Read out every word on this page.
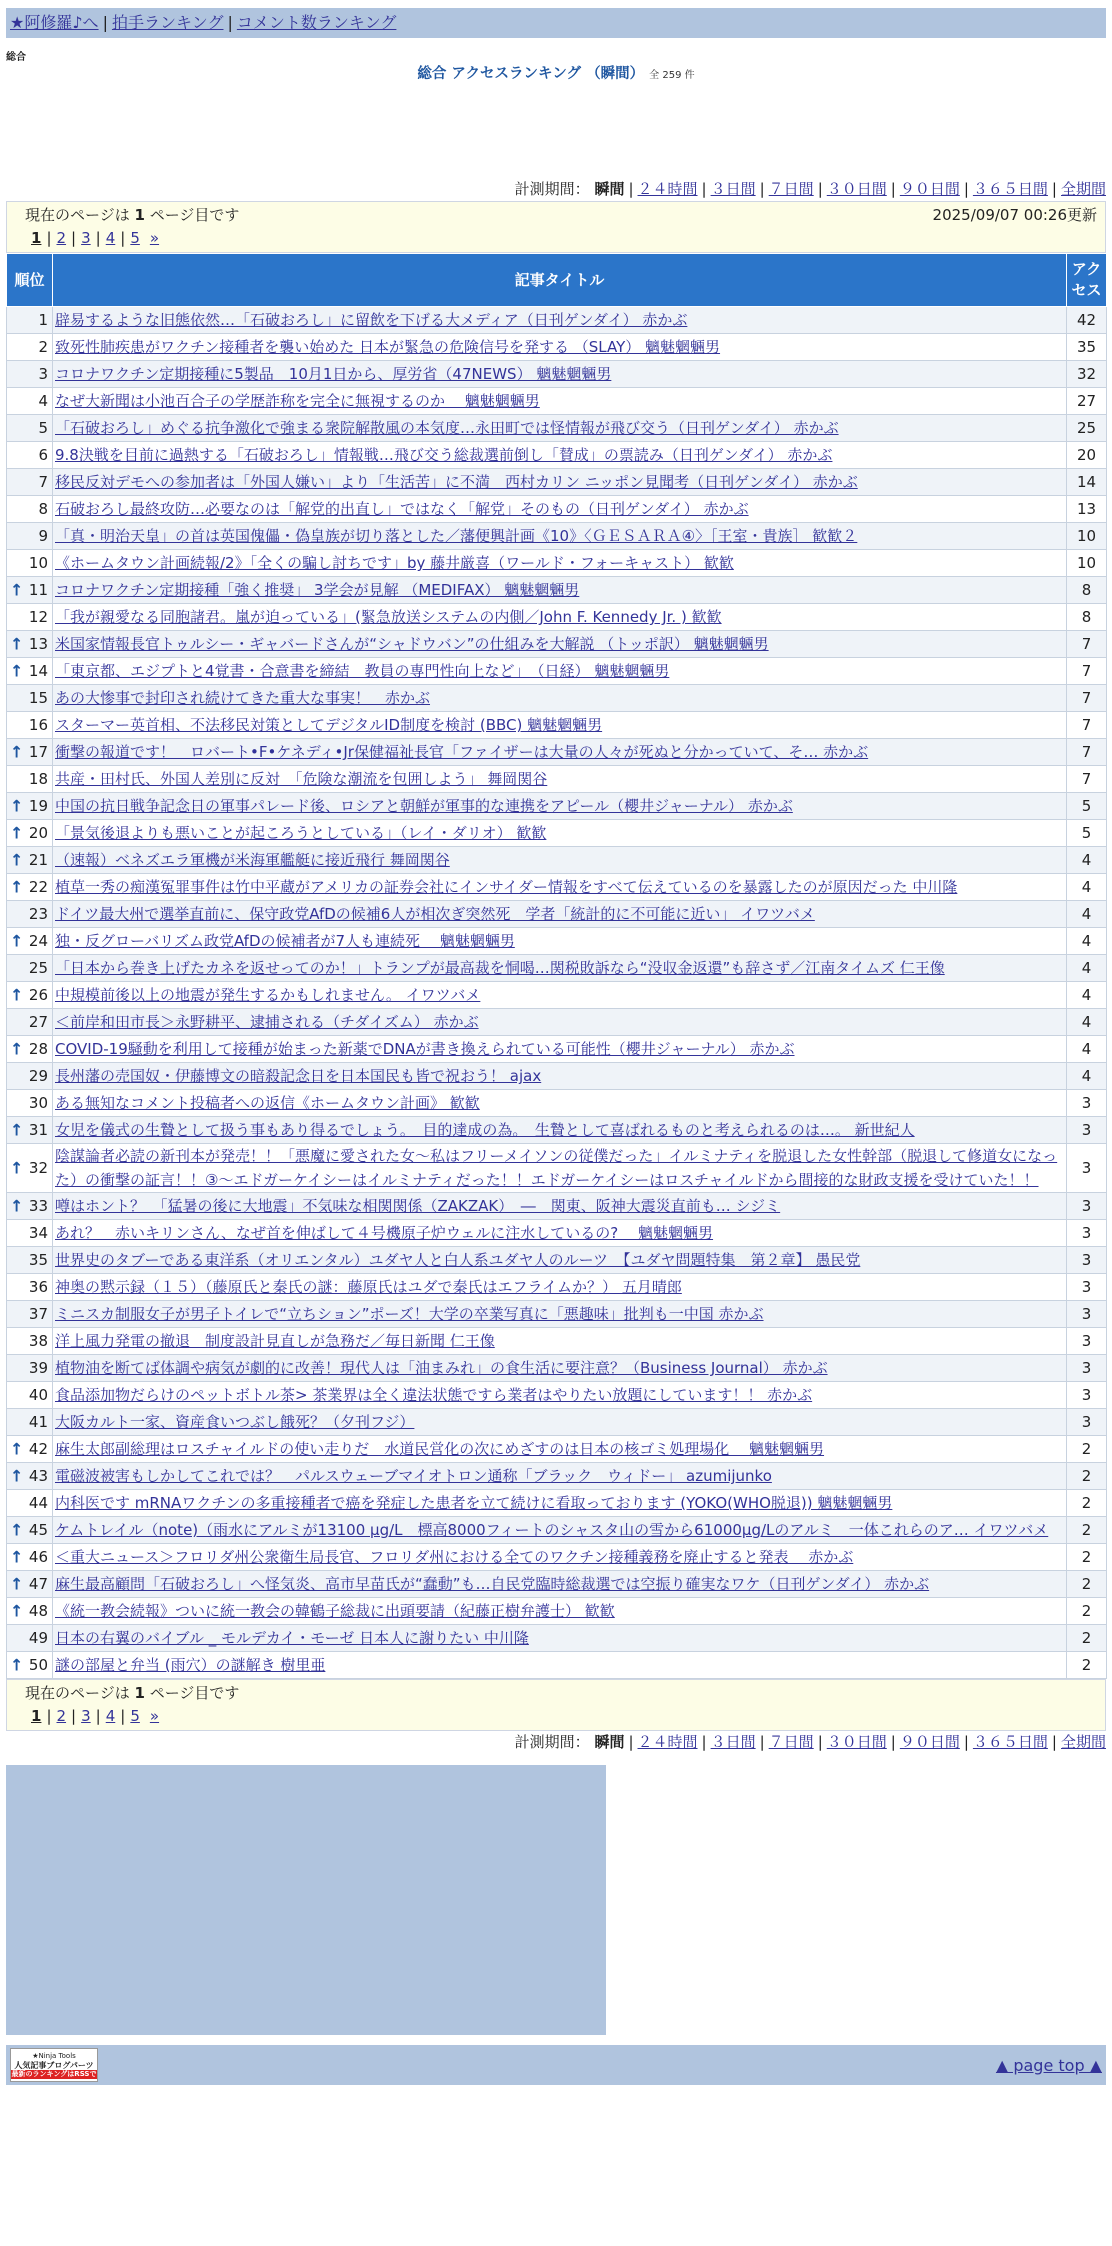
★阿修羅♪へ | 拍手ランキング | コメント数ランキング
総合
総合 アクセスランキング （瞬間） 全 259 件
計測期間： 瞬間 | ２４時間 | ３日間 | ７日間 | ３０日間 | ９０日間 | ３６５日間 | 全期間
現在のページは 1 ページ目です	2025/09/07 00:26更新
1 | 2 | 3 | 4 | 5 »
順位	記事タイトル	アクセス
1	辟易するような旧態依然…「石破おろし」に留飲を下げる大メディア（日刊ゲンダイ） 赤かぶ	42
2	致死性肺疾患がワクチン接種者を襲い始めた 日本が緊急の危険信号を発する （SLAY） 魑魅魍魎男	35
3	コロナワクチン定期接種に5製品　10月1日から、厚労省（47NEWS） 魑魅魍魎男	32
4	なぜ大新聞は小池百合子の学歴詐称を完全に無視するのか　 魑魅魍魎男	27
5	「石破おろし」めぐる抗争激化で強まる衆院解散風の本気度…永田町では怪情報が飛び交う（日刊ゲンダイ） 赤かぶ	25
6	9.8決戦を目前に過熱する「石破おろし」情報戦…飛び交う総裁選前倒し「賛成」の票読み（日刊ゲンダイ） 赤かぶ	20
7	移民反対デモへの参加者は「外国人嫌い」より「生活苦」に不満　西村カリン ニッポン見聞考（日刊ゲンダイ） 赤かぶ	14
8	石破おろし最終攻防…必要なのは「解党的出直し」ではなく「解党」そのもの（日刊ゲンダイ） 赤かぶ	13
9	「真・明治天皇」の首は英国傀儡・偽皇族が切り落とした／藩便興計画《10》〈ＧＥＳＡＲＡ④〉［王室・貴族］ 歓歓２	10
10	《ホームタウン計画続報/2》「全くの騙し討ちです」by 藤井厳喜（ワールド・フォーキャスト） 歓歓	10

↑ 11	コロナワクチン定期接種「強く推奨」 3学会が見解 （MEDIFAX） 魑魅魍魎男	8
12	「我が親愛なる同胞諸君。嵐が迫っている」(緊急放送システムの内側／John F. Kennedy Jr. ) 歓歓	8

↑ 13	米国家情報長官トゥルシー・ギャバードさんが“シャドウバン”の仕組みを大解説 （トッポ訳） 魑魅魍魎男	7

↑ 14	「東京都、エジプトと4覚書・合意書を締結　教員の専門性向上など」　（日経） 魑魅魍魎男	7
15	あの大惨事で封印され続けてきた重大な事実！　赤かぶ	7
16	スターマー英首相、不法移民対策としてデジタルID制度を検討 (BBC) 魑魅魍魎男	7

↑ 17	衝撃の報道です！　ロバート•F•ケネディ•Jr保健福祉長官「ファイザーは大量の人々が死ぬと分かっていて、そ… 赤かぶ	7
18	共産・田村氏、外国人差別に反対　「危険な潮流を包囲しよう」 舞岡関谷	7

↑ 19	中国の抗日戦争記念日の軍事パレード後、ロシアと朝鮮が軍事的な連携をアピール（櫻井ジャーナル） 赤かぶ	5

↑ 20	「景気後退よりも悪いことが起ころうとしている」（レイ・ダリオ） 歓歓	5

↑ 21	（速報）ベネズエラ軍機が米海軍艦艇に接近飛行 舞岡関谷	4

↑ 22	植草一秀の痴漢冤罪事件は竹中平蔵がアメリカの証券会社にインサイダー情報をすべて伝えているのを暴露したのが原因だった 中川隆	4
23	ドイツ最大州で選挙直前に、保守政党AfDの候補6人が相次ぎ突然死　学者「統計的に不可能に近い」 イワツバメ	4

↑ 24	独・反グローバリズム政党AfDの候補者が7人も連続死　 魑魅魍魎男	4
25	「日本から巻き上げたカネを返せってのか！」トランプが最高裁を恫喝…関税敗訴なら“没収金返還”も辞さず／江南タイムズ 仁王像	4

↑ 26	中規模前後以上の地震が発生するかもしれません。 イワツバメ	4
27	＜前岸和田市長＞永野耕平、逮捕される（チダイズム） 赤かぶ	4

↑ 28	COVID-19騒動を利用して接種が始まった新薬でDNAが書き換えられている可能性（櫻井ジャーナル） 赤かぶ	4
29	長州藩の売国奴・伊藤博文の暗殺記念日を日本国民も皆で祝おう！ ajax	4
30	ある無知なコメント投稿者への返信《ホームタウン計画》 歓歓	3

↑ 31	女児を儀式の生贄として扱う事もあり得るでしょう。　目的達成の為。　生贄として喜ばれるものと考えられるのは…。 新世紀人	3

↑ 32	陰謀論者必読の新刊本が発売！！「悪魔に愛された女～私はフリーメイソンの従僕だった」イルミナティを脱退した女性幹部（脱退して修道女になった）の衝撃の証言！！③～エドガーケイシーはイルミナティだった！！エドガーケイシーはロスチャイルドから間接的な財政支援を受けていた！！	3

↑ 33	噂はホント？　「猛暑の後に大地震」不気味な相関関係（ZAKZAK）　―　関東、阪神大震災直前も… シジミ	3
34	あれ？　赤いキリンさん、なぜ首を伸ばして４号機原子炉ウェルに注水しているの?　 魑魅魍魎男	3
35	世界史のタブーである東洋系（オリエンタル）ユダヤ人と白人系ユダヤ人のルーツ　【ユダヤ問題特集　第２章】 愚民党	3
36	神奥の黙示録（１５）（藤原氏と秦氏の謎：藤原氏はユダで秦氏はエフライムか？） 五月晴郎	3
37	ミニスカ制服女子が男子トイレで“立ちション”ポーズ！大学の卒業写真に「悪趣味」批判も一中国 赤かぶ	3
38	洋上風力発電の撤退　制度設計見直しが急務だ／毎日新聞 仁王像	3
39	植物油を断てば体調や病気が劇的に改善！現代人は「油まみれ」の食生活に要注意？（Business Journal） 赤かぶ	3
40	食品添加物だらけのペットボトル茶> 茶業界は全く違法状態ですら業者はやりたい放題にしています！！ 赤かぶ	3
41	大阪カルト一家、資産食いつぶし餓死？（夕刊フジ）	3

↑ 42	麻生太郎副総理はロスチャイルドの使い走りだ　水道民営化の次にめざすのは日本の核ゴミ処理場化　 魑魅魍魎男	2

↑ 43	電磁波被害もしかしてこれでは？　パルスウェーブマイオトロン通称「ブラック　ウィドー」 azumijunko	2
44	内科医です mRNAワクチンの多重接種者で癌を発症した患者を立て続けに看取っております (YOKO(WHO脱退)) 魑魅魍魎男	2

↑ 45	ケムトレイル（note)（雨水にアルミが13100 μg/L　標高8000フィートのシャスタ山の雪から61000μg/Lのアルミ　一体これらのア… イワツバメ	2

↑ 46	＜重大ニュース＞フロリダ州公衆衛生局長官、フロリダ州における全てのワクチン接種義務を廃止すると発表　 赤かぶ	2

↑ 47	麻生最高顧問「石破おろし」へ怪気炎、高市早苗氏が“蠢動”も…自民党臨時総裁選では空振り確実なワケ（日刊ゲンダイ） 赤かぶ	2

↑ 48	《統一教会続報》ついに統一教会の韓鶴子総裁に出頭要請（紀藤正樹弁護士） 歓歓	2
49	日本の右翼のバイブル _ モルデカイ・モーゼ 日本人に謝りたい 中川隆	2

↑ 50	謎の部屋と弁当 (雨穴）の謎解き 樹里亜	2
現在のページは 1 ページ目です
1 | 2 | 3 | 4 | 5 »
計測期間： 瞬間 | ２４時間 | ３日間 | ７日間 | ３０日間 | ９０日間 | ３６５日間 | 全期間
★Ninja Tools
人気記事ブログパーツ
最新のランキングはRSSで	▲ page top ▲
